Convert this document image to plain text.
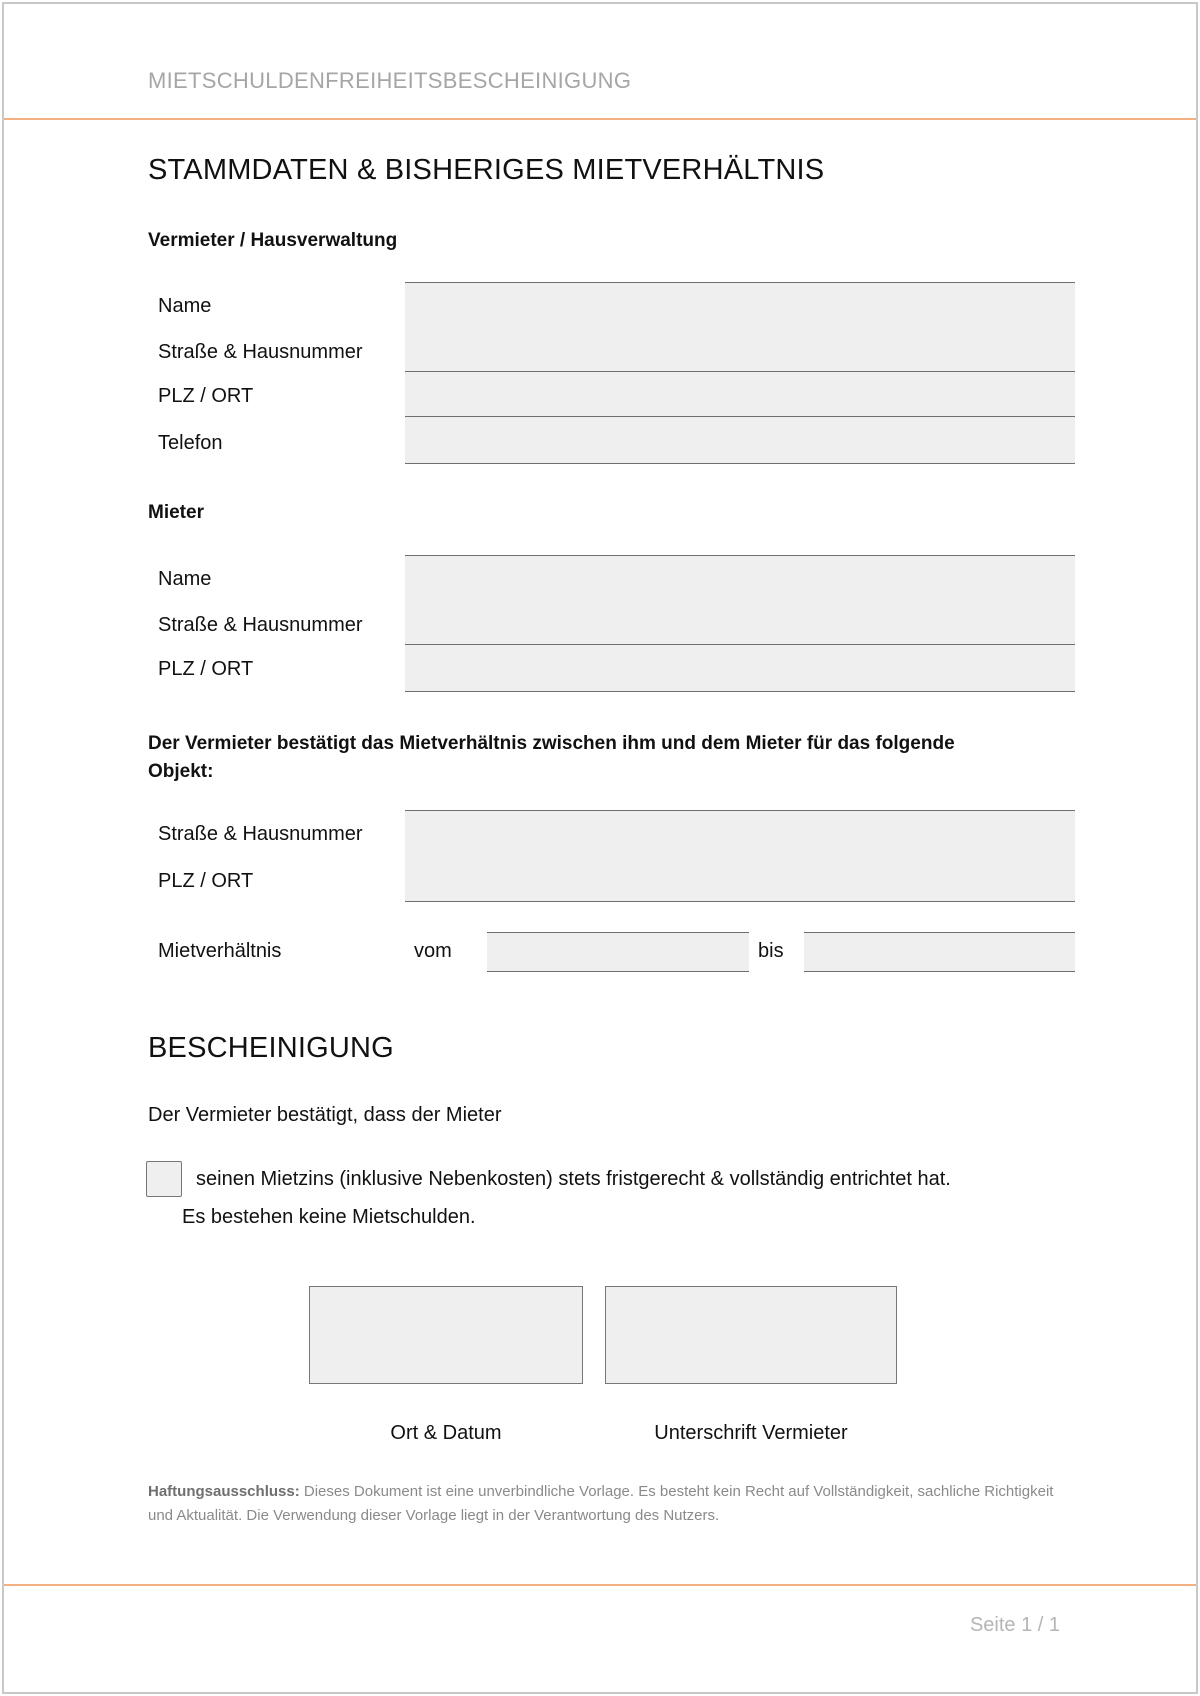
MIETSCHULDENFREIHEITSBESCHEINIGUNG
STAMMDATEN & BISHERIGES MIETVERHÄLTNIS
Vermieter / Hausverwaltung
Name
Straße & Hausnummer
PLZ / ORT
Telefon
Mieter
Name
Straße & Hausnummer
PLZ / ORT
Der Vermieter bestätigt das Mietverhältnis zwischen ihm und dem Mieter für das folgende
Objekt:
Straße & Hausnummer
PLZ / ORT
Mietverhältnis	vom	bis
BESCHEINIGUNG
Der Vermieter bestätigt, dass der Mieter
seinen Mietzins (inklusive Nebenkosten) stets fristgerecht & vollständig entrichtet hat.
Es bestehen keine Mietschulden.
Ort & Datum	Unterschrift Vermieter
Haftungsausschluss: Dieses Dokument ist eine unverbindliche Vorlage. Es besteht kein Recht auf Vollständigkeit, sachliche Richtigkeit und Aktualität. Die Verwendung dieser Vorlage liegt in der Verantwortung des Nutzers.
Seite 1 / 1
